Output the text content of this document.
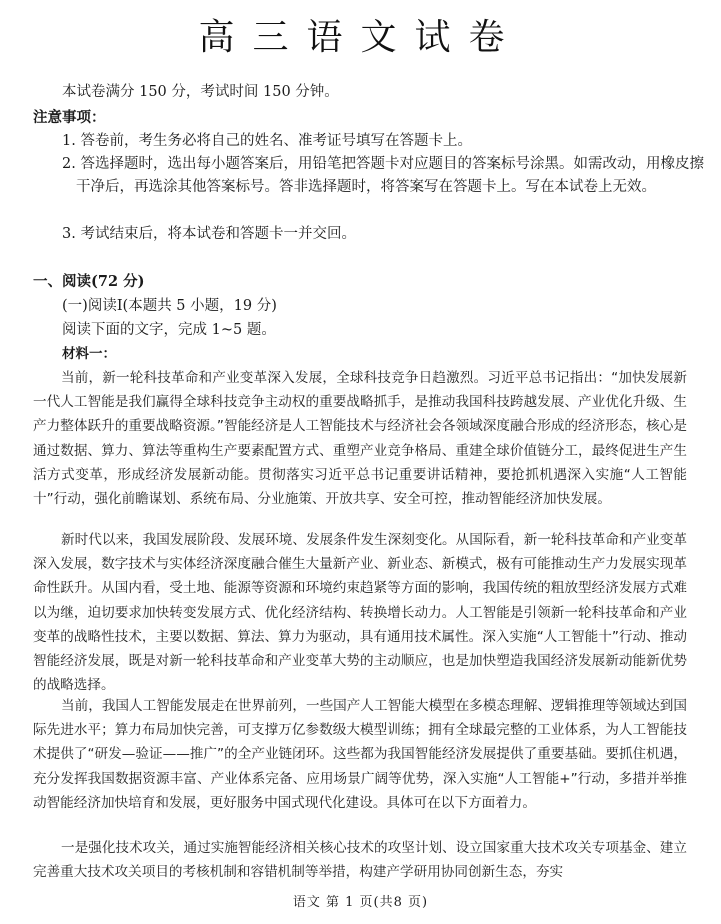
高三语文试卷
本试卷满分 150 分，考试时间 150 分钟。
注意事项：
1. 答卷前，考生务必将自己的姓名、准考证号填写在答题卡上。
2. 答选择题时，选出每小题答案后，用铅笔把答题卡对应题目的答案标号涂黑。如需改动，用橡皮擦干净后，再选涂其他答案标号。答非选择题时，将答案写在答题卡上。写在本试卷上无效。
3. 考试结束后，将本试卷和答题卡一并交回。
一、阅读(72 分)
(一)阅读Ⅰ(本题共 5 小题，19 分)
阅读下面的文字，完成 1~5 题。
材料一：
当前，新一轮科技革命和产业变革深入发展，全球科技竞争日趋激烈。习近平总书记指出：“加快发展新一代人工智能是我们赢得全球科技竞争主动权的重要战略抓手，是推动我国科技跨越发展、产业优化升级、生产力整体跃升的重要战略资源。”智能经济是人工智能技术与经济社会各领域深度融合形成的经济形态，核心是通过数据、算力、算法等重构生产要素配置方式、重塑产业竞争格局、重建全球价值链分工，最终促进生产生活方式变革，形成经济发展新动能。贯彻落实习近平总书记重要讲话精神，要抢抓机遇深入实施“人工智能十”行动，强化前瞻谋划、系统布局、分业施策、开放共享、安全可控，推动智能经济加快发展。
新时代以来，我国发展阶段、发展环境、发展条件发生深刻变化。从国际看，新一轮科技革命和产业变革深入发展，数字技术与实体经济深度融合催生大量新产业、新业态、新模式，极有可能推动生产力发展实现革命性跃升。从国内看，受土地、能源等资源和环境约束趋紧等方面的影响，我国传统的粗放型经济发展方式难以为继，迫切要求加快转变发展方式、优化经济结构、转换增长动力。人工智能是引领新一轮科技革命和产业变革的战略性技术，主要以数据、算法、算力为驱动，具有通用技术属性。深入实施“人工智能十”行动、推动智能经济发展，既是对新一轮科技革命和产业变革大势的主动顺应，也是加快塑造我国经济发展新动能新优势的战略选择。
当前，我国人工智能发展走在世界前列，一些国产人工智能大模型在多模态理解、逻辑推理等领域达到国际先进水平；算力布局加快完善，可支撑万亿参数级大模型训练；拥有全球最完整的工业体系，为人工智能技术提供了“研发—验证——推广”的全产业链闭环。这些都为我国智能经济发展提供了重要基础。要抓住机遇，充分发挥我国数据资源丰富、产业体系完备、应用场景广阔等优势，深入实施“人工智能+”行动，多措并举推动智能经济加快培育和发展，更好服务中国式现代化建设。具体可在以下方面着力。
一是强化技术攻关，通过实施智能经济相关核心技术的攻坚计划、设立国家重大技术攻关专项基金、建立完善重大技术攻关项目的考核机制和容错机制等举措，构建产学研用协同创新生态，夯实
语文 第 1 页(共8 页)
